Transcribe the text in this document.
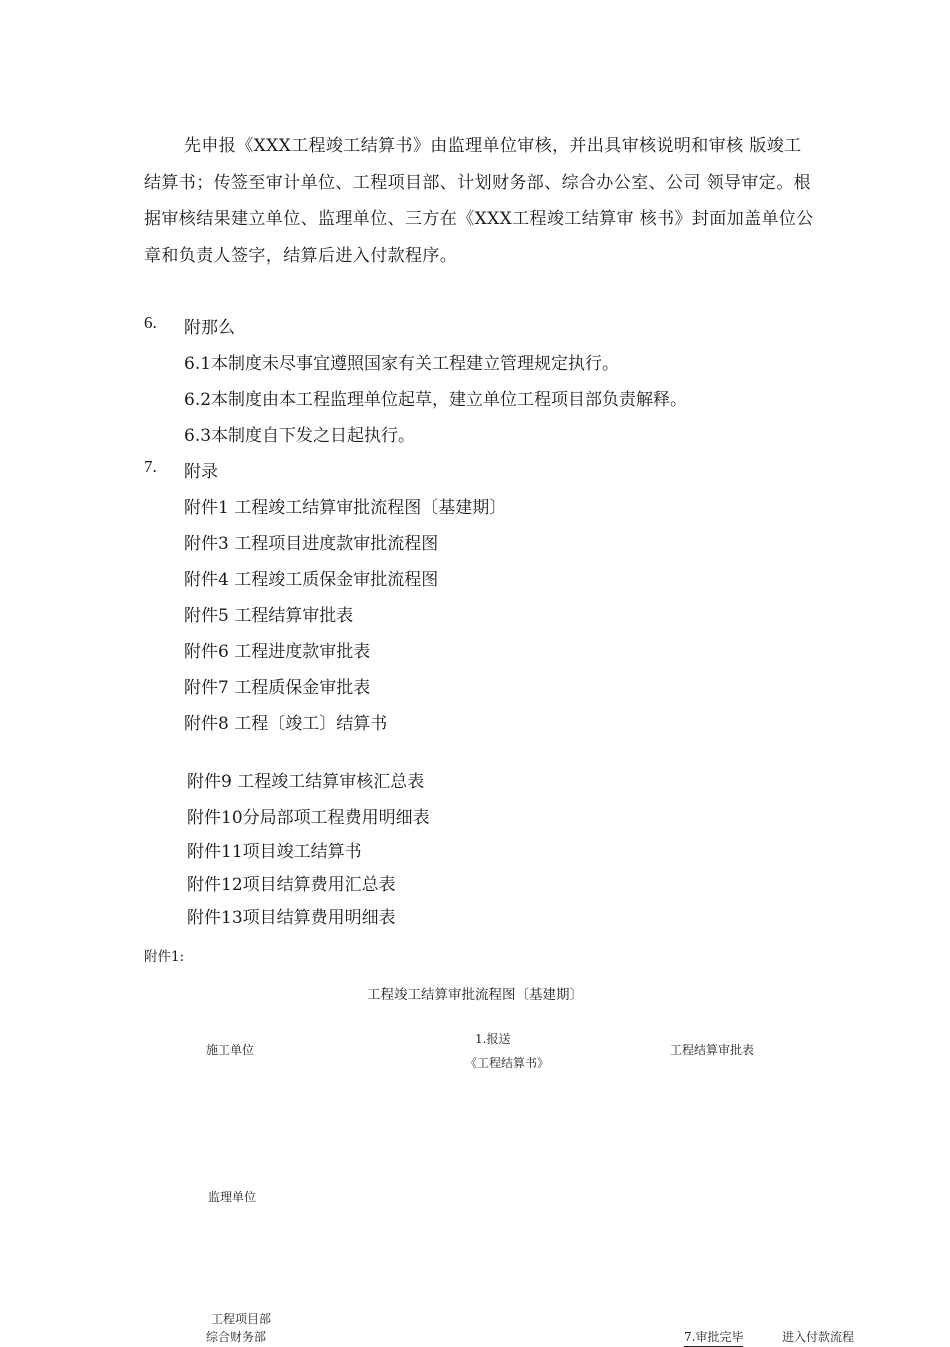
先申报《XXX工程竣工结算书》由监理单位审核，并出具审核说明和审核 版竣工结算书；传签至审计单位、工程项目部、计划财务部、综合办公室、公司 领导审定。根据审核结果建立单位、监理单位、三方在《XXX工程竣工结算审 核书》封面加盖单位公章和负责人签字，结算后进入付款程序。
6. 附那么
6.1本制度未尽事宜遵照国家有关工程建立管理规定执行。
6.2本制度由本工程监理单位起草，建立单位工程项目部负责解释。
6.3本制度自下发之日起执行。
7. 附录
附件1 工程竣工结算审批流程图〔基建期〕
附件3 工程项目进度款审批流程图
附件4 工程竣工质保金审批流程图
附件5 工程结算审批表
附件6 工程进度款审批表
附件7 工程质保金审批表
附件8 工程〔竣工〕结算书
附件9 工程竣工结算审核汇总表
附件10分局部项工程费用明细表
附件11项目竣工结算书
附件12项目结算费用汇总表
附件13项目结算费用明细表
附件1:
工程竣工结算审批流程图〔基建期〕
施工单位
1.报送
《工程结算书》
工程结算审批表
监理单位
工程项目部
综合财务部	7.审批完毕	进入付款流程
